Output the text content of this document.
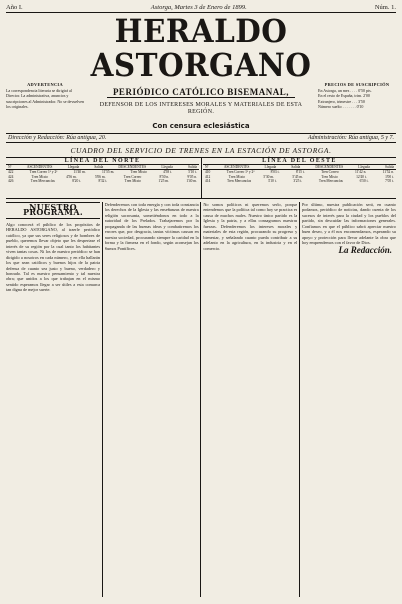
Año I.	Astorga, Martes 3 de Enero de 1899.	Núm. 1.
HERALDO ASTORGANO
ADVERTENCIA
La correspondencia literaria se dirigirá al Director. La administrativa, anuncios y suscripciones al Administrador. No se devuelven los originales.
PERIÓDICO CATÓLICO BISEMANAL,
DEFENSOR DE LOS INTERESES MORALES Y MATERIALES DE ESTA REGIÓN.
Con censura eclesiástica
PRECIOS DE SUSCRIPCIÓN
En Astorga, un mes . . . . 0'50 pts.
En el resto de España, trim. 2'00
Extranjero, trimestre . . . 3'50
Número suelto . . . . . . . 0'10
Dirección y Redacción: Rúa antigua, 20.	Administración: Rúa antigua, 5 y 7.
CUADRO DEL SERVICIO DE TRENES EN LA ESTACIÓN DE ASTORGA.
LÍNEA DEL NORTE
Nº	ASCENDENTES	Llegada	Salida	DESCENDENTES	Llegada	Salida
422	Tren Correo 1ª y 2ª	11'40 m.	11'55 m.	Tren Mixto	4'58 t.	5'10 t.
424	Tren Mixto	4'56 m.	5'06 m.	Tren Correo	8'50 n.	9'05 n.
426	Tren Mercancías	8'20 t.	8'32 t.	Tren Mixto	1'25 m.	1'40 m.
LÍNEA DEL OESTE
Nº	ASCENDENTES	Llegada	Salida	DESCENDENTES	Llegada	Salida
410	Tren Correo 1ª y 2ª	8'03 t.	8'15 t.	Tren Correo	11'42 n.	11'52 n.
412	Tren Mixto	5'30 m.	5'45 m.	Tren Mixto	12'40 t.	1'00 t.
414	Tren Mercancías	3'10 t.	3'25 t.	Tren Mercancías	6'50 t.	7'05 t.
NUESTRO PROGRAMA.
Algo conocerá el público de los propósitos de HERALDO ASTORGANO, al traerle periódico católico, ya que sus seres religiosos y de hombres de pueblo, queremos llevar objeto que les despertase el interés de su región por la cual tanto los habitantes viven tantas cosas. Ni los de nuestro periódico se han dirigido a nosotros en cada número, y en ella hallarán los que sean católicos y buenos hijos de la patria defensa de cuanto sea justo y bueno, verdadero y honrado. Tal es nuestro pensamiento y tal nuestra obra; que unidos a los que trabajan en el mismo sentido esperamos llegar a ser útiles a esta comarca tan digna de mejor suerte.
Defenderemos con toda energía y con toda constancia los derechos de la Iglesia y las enseñanzas de nuestra religión sacrosanta, sometiéndonos en todo a la autoridad de los Prelados. Trabajaremos por la propaganda de las buenas ideas y combatiremos los errores que, por desgracia, tantas víctimas causan en nuestra sociedad, procurando siempre la caridad en la forma y la firmeza en el fondo, según aconsejan los Sumos Pontífices.
No somos políticos ni queremos serlo, porque entendemos que la política tal como hoy se practica es causa de muchos males. Nuestro único partido es la Iglesia y la patria, y a ellas consagramos nuestras fuerzas. Defenderemos los intereses morales y materiales de esta región, procurando su progreso y bienestar, y señalando cuanto pueda contribuir a su adelanto en la agricultura, en la industria y en el comercio.
Por último, nuestra publicación será, en cuanto podamos, periódico de noticias, dando cuenta de los sucesos de interés para la ciudad y los pueblos del partido, sin descuidar las informaciones generales. Confiamos en que el público sabrá apreciar nuestro buen deseo, y a él nos encomendamos, esperando su apoyo y protección para llevar adelante la obra que hoy emprendemos con el favor de Dios.
La Redacción.
